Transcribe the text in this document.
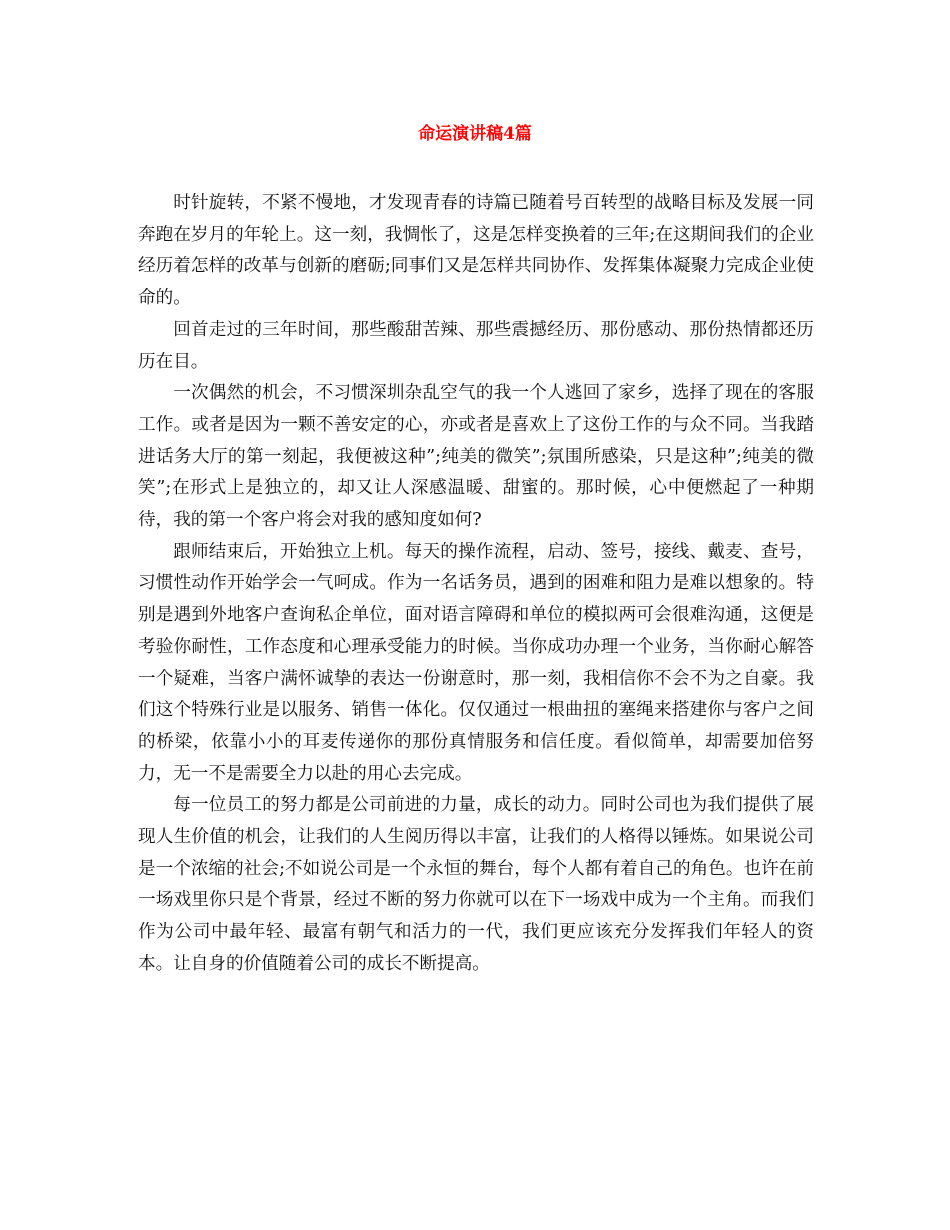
命运演讲稿4篇

时针旋转，不紧不慢地，才发现青春的诗篇已随着号百转型的战略目标及发展一同奔跑在岁月的年轮上。这一刻，我惆怅了，这是怎样变换着的三年;在这期间我们的企业经历着怎样的改革与创新的磨砺;同事们又是怎样共同协作、发挥集体凝聚力完成企业使命的。

回首走过的三年时间，那些酸甜苦辣、那些震撼经历、那份感动、那份热情都还历历在目。

一次偶然的机会，不习惯深圳杂乱空气的我一个人逃回了家乡，选择了现在的客服工作。或者是因为一颗不善安定的心，亦或者是喜欢上了这份工作的与众不同。当我踏进话务大厅的第一刻起，我便被这种”;纯美的微笑”;氛围所感染，只是这种”;纯美的微笑”;在形式上是独立的，却又让人深感温暖、甜蜜的。那时候，心中便燃起了一种期待，我的第一个客户将会对我的感知度如何?

跟师结束后，开始独立上机。每天的操作流程，启动、签号，接线、戴麦、查号，习惯性动作开始学会一气呵成。作为一名话务员，遇到的困难和阻力是难以想象的。特别是遇到外地客户查询私企单位，面对语言障碍和单位的模拟两可会很难沟通，这便是考验你耐性，工作态度和心理承受能力的时候。当你成功办理一个业务，当你耐心解答一个疑难，当客户满怀诚挚的表达一份谢意时，那一刻，我相信你不会不为之自豪。我们这个特殊行业是以服务、销售一体化。仅仅通过一根曲扭的塞绳来搭建你与客户之间的桥梁，依靠小小的耳麦传递你的那份真情服务和信任度。看似简单，却需要加倍努力，无一不是需要全力以赴的用心去完成。

每一位员工的努力都是公司前进的力量，成长的动力。同时公司也为我们提供了展现人生价值的机会，让我们的人生阅历得以丰富，让我们的人格得以锤炼。如果说公司是一个浓缩的社会;不如说公司是一个永恒的舞台，每个人都有着自己的角色。也许在前一场戏里你只是个背景，经过不断的努力你就可以在下一场戏中成为一个主角。而我们作为公司中最年轻、最富有朝气和活力的一代，我们更应该充分发挥我们年轻人的资本。让自身的价值随着公司的成长不断提高。
